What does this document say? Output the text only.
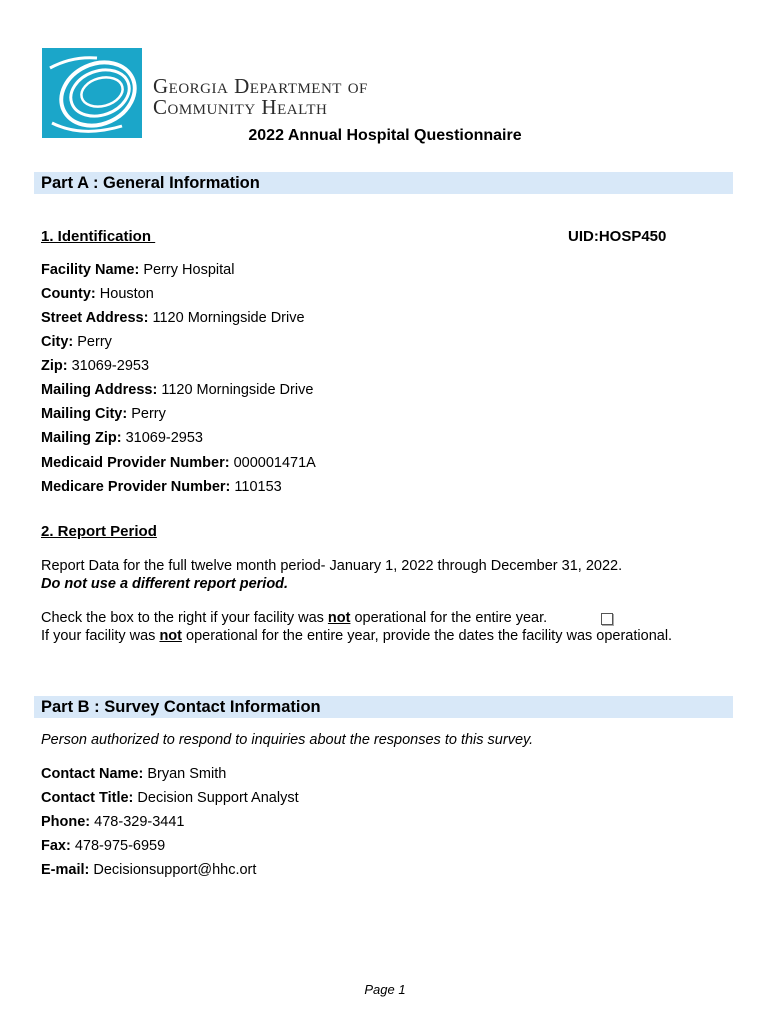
Georgia Department of
Community Health
2022 Annual Hospital Questionnaire
Part A : General Information
1. Identification	UID:HOSP450
Facility Name: Perry Hospital
County: Houston
Street Address: 1120 Morningside Drive
City: Perry
Zip: 31069-2953
Mailing Address: 1120 Morningside Drive
Mailing City: Perry
Mailing Zip: 31069-2953
Medicaid Provider Number: 000001471A
Medicare Provider Number: 110153
2. Report Period
Report Data for the full twelve month period- January 1, 2022 through December 31, 2022.
Do not use a different report period.
Check the box to the right if your facility was not operational for the entire year.
If your facility was not operational for the entire year, provide the dates the facility was operational.
Part B : Survey Contact Information
Person authorized to respond to inquiries about the responses to this survey.
Contact Name: Bryan Smith
Contact Title: Decision Support Analyst
Phone: 478-329-3441
Fax: 478-975-6959
E-mail: Decisionsupport@hhc.ort
Page 1
